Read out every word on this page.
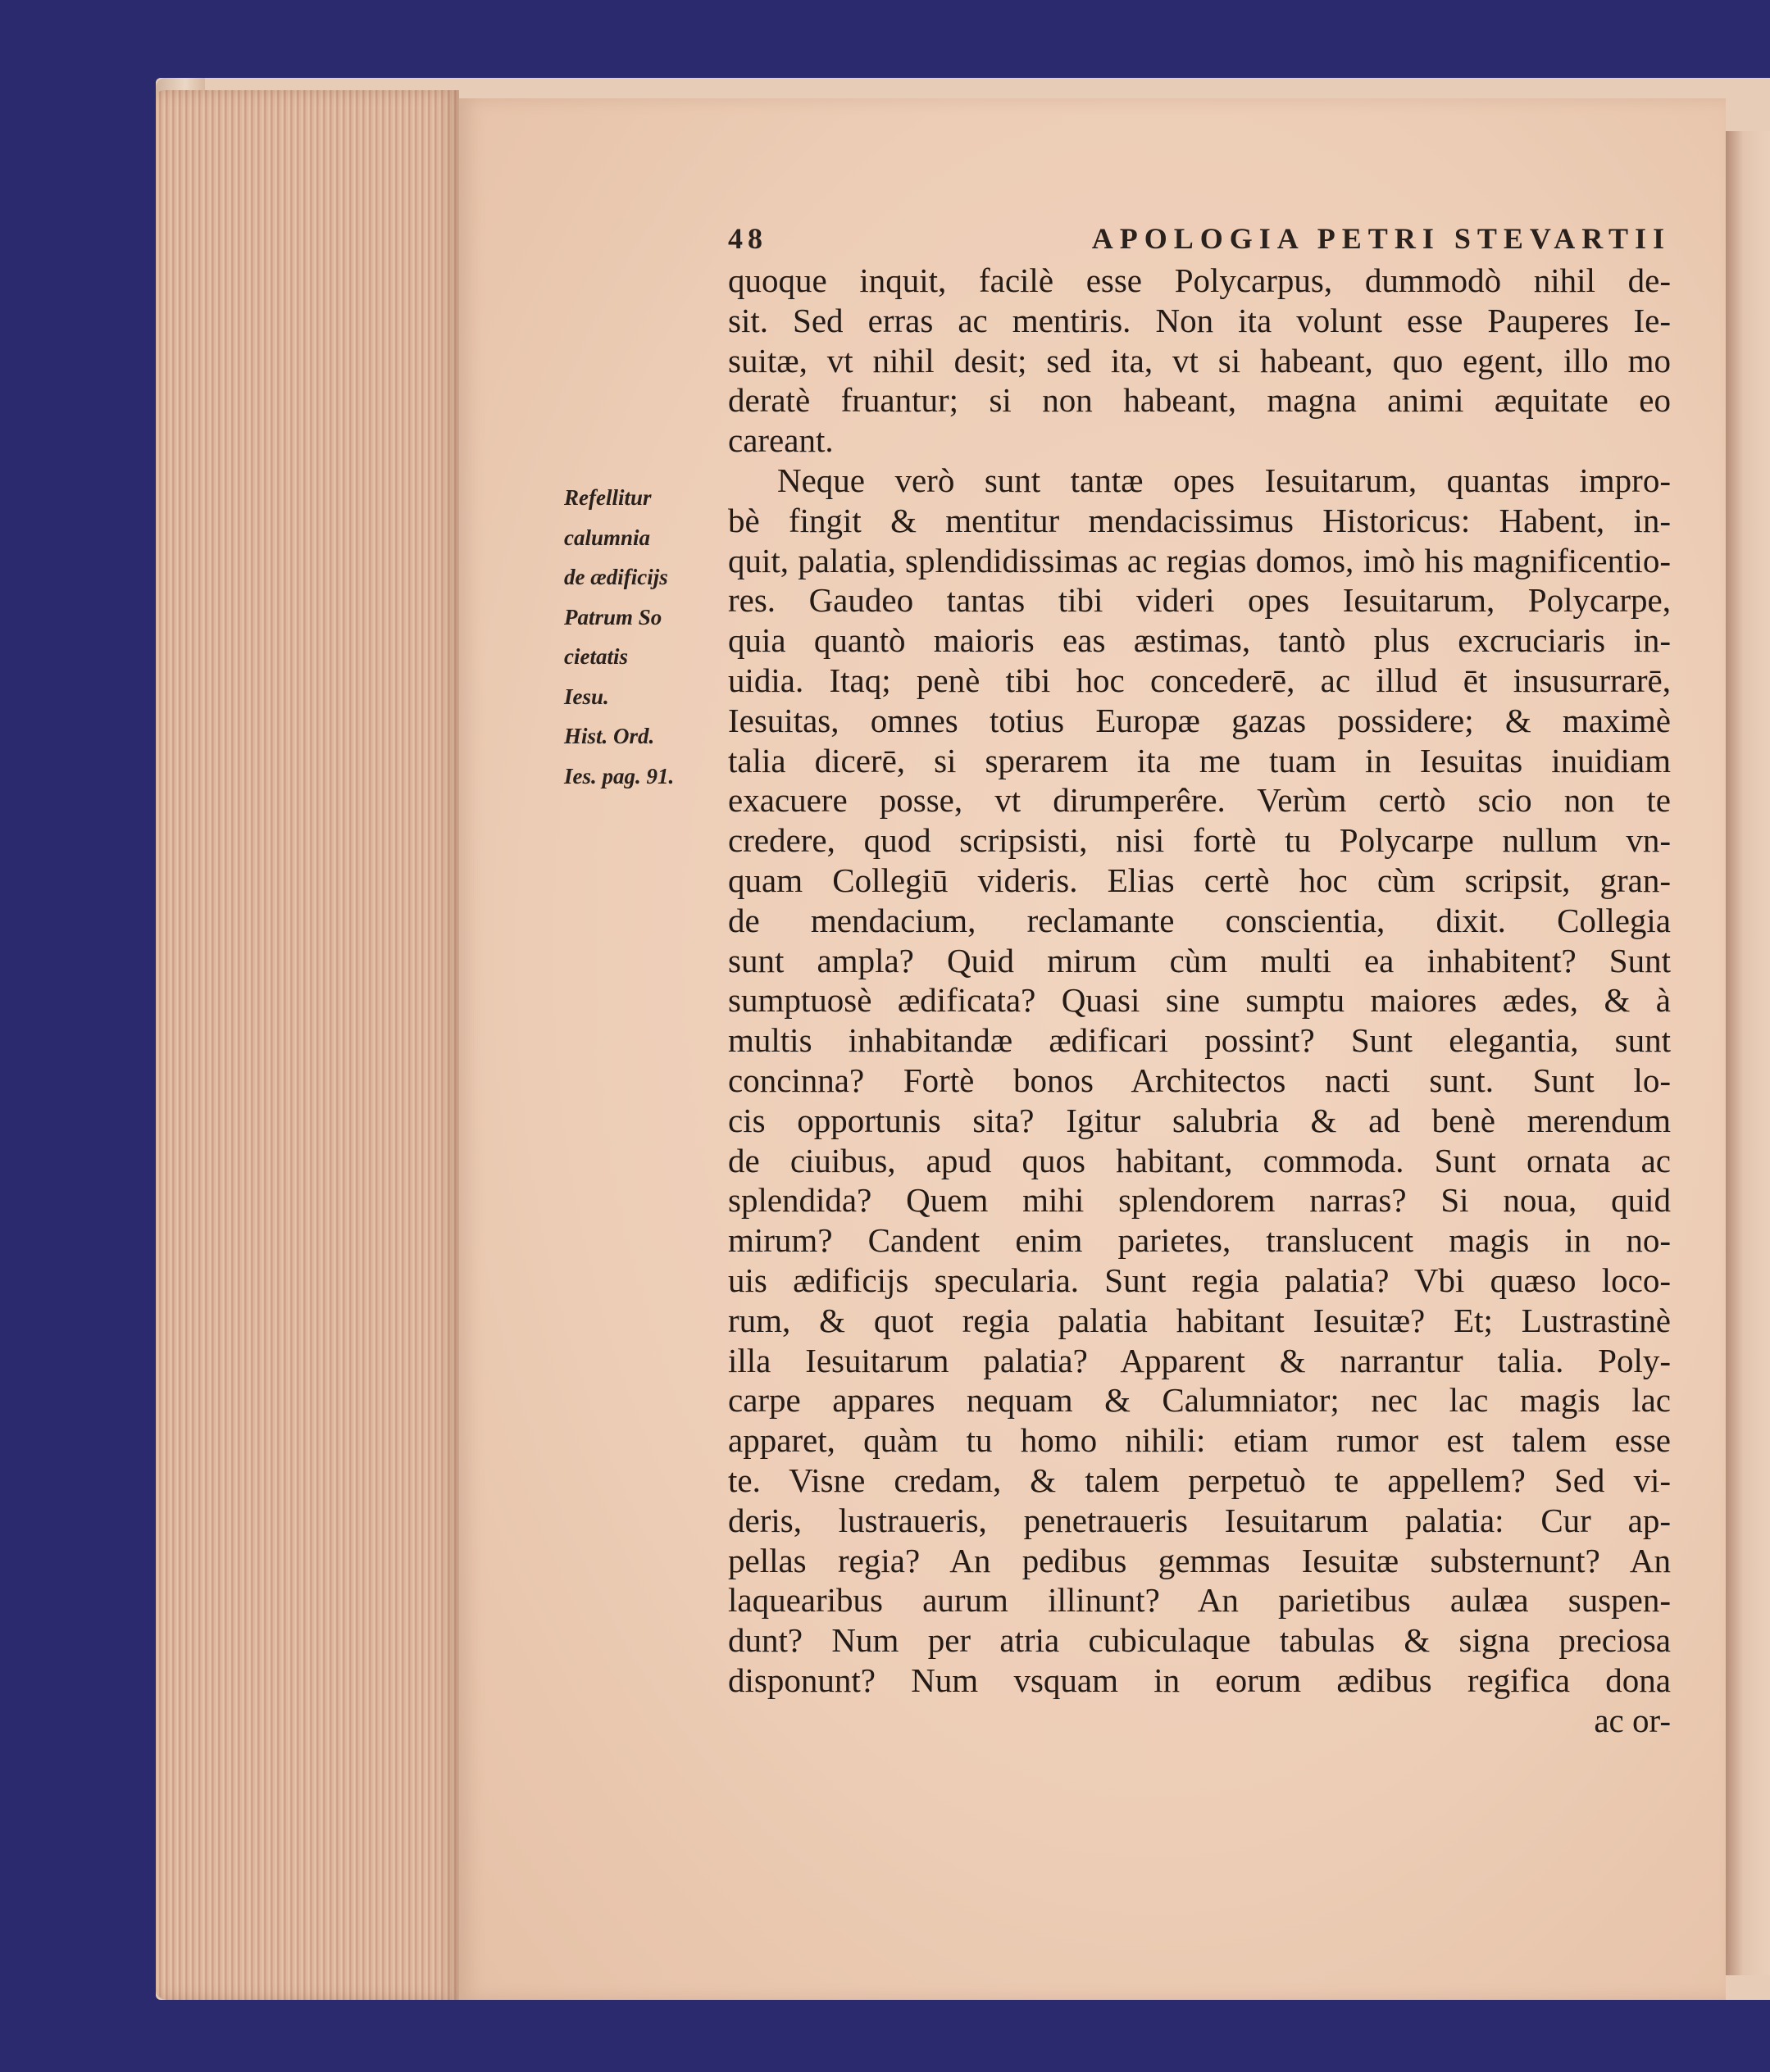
48	APOLOGIA PETRI STEVARTII
Refellitur
calumnia
de ædificijs
Patrum So
cietatis
Iesu.
Hist. Ord.
Ies. pag. 91.
quoque inquit, facilè esse Polycarpus, dummodò nihil de-
sit. Sed erras ac mentiris. Non ita volunt esse Pauperes Ie-
suitæ, vt nihil desit; sed ita, vt si habeant, quo egent, illo mo
deratè fruantur; si non habeant, magna animi æquitate eo
careant.
Neque verò sunt tantæ opes Iesuitarum, quantas impro-
bè fingit & mentitur mendacissimus Historicus: Habent, in-
quit, palatia, splendidissimas ac regias domos, imò his magnificentio-
res. Gaudeo tantas tibi videri opes Iesuitarum, Polycarpe,
quia quantò maioris eas æstimas, tantò plus excruciaris in-
uidia. Itaq; penè tibi hoc concederē, ac illud ēt insusurrarē,
Iesuitas, omnes totius Europæ gazas possidere; & maximè
talia dicerē, si sperarem ita me tuam in Iesuitas inuidiam
exacuere posse, vt dirumperêre. Verùm certò scio non te
credere, quod scripsisti, nisi fortè tu Polycarpe nullum vn-
quam Collegiū videris. Elias certè hoc cùm scripsit, gran-
de mendacium, reclamante conscientia, dixit. Collegia
sunt ampla? Quid mirum cùm multi ea inhabitent? Sunt
sumptuosè ædificata? Quasi sine sumptu maiores ædes, & à
multis inhabitandæ ædificari possint? Sunt elegantia, sunt
concinna? Fortè bonos Architectos nacti sunt. Sunt lo-
cis opportunis sita? Igitur salubria & ad benè merendum
de ciuibus, apud quos habitant, commoda. Sunt ornata ac
splendida? Quem mihi splendorem narras? Si noua, quid
mirum? Candent enim parietes, translucent magis in no-
uis ædificijs specularia. Sunt regia palatia? Vbi quæso loco-
rum, & quot regia palatia habitant Iesuitæ? Et; Lustrastinè
illa Iesuitarum palatia? Apparent & narrantur talia. Poly-
carpe appares nequam & Calumniator; nec lac magis lac
apparet, quàm tu homo nihili: etiam rumor est talem esse
te. Visne credam, & talem perpetuò te appellem? Sed vi-
deris, lustraueris, penetraueris Iesuitarum palatia: Cur ap-
pellas regia? An pedibus gemmas Iesuitæ substernunt? An
laquearibus aurum illinunt? An parietibus aulæa suspen-
dunt? Num per atria cubiculaque tabulas & signa preciosa
disponunt? Num vsquam in eorum ædibus regifica dona
ac or-
